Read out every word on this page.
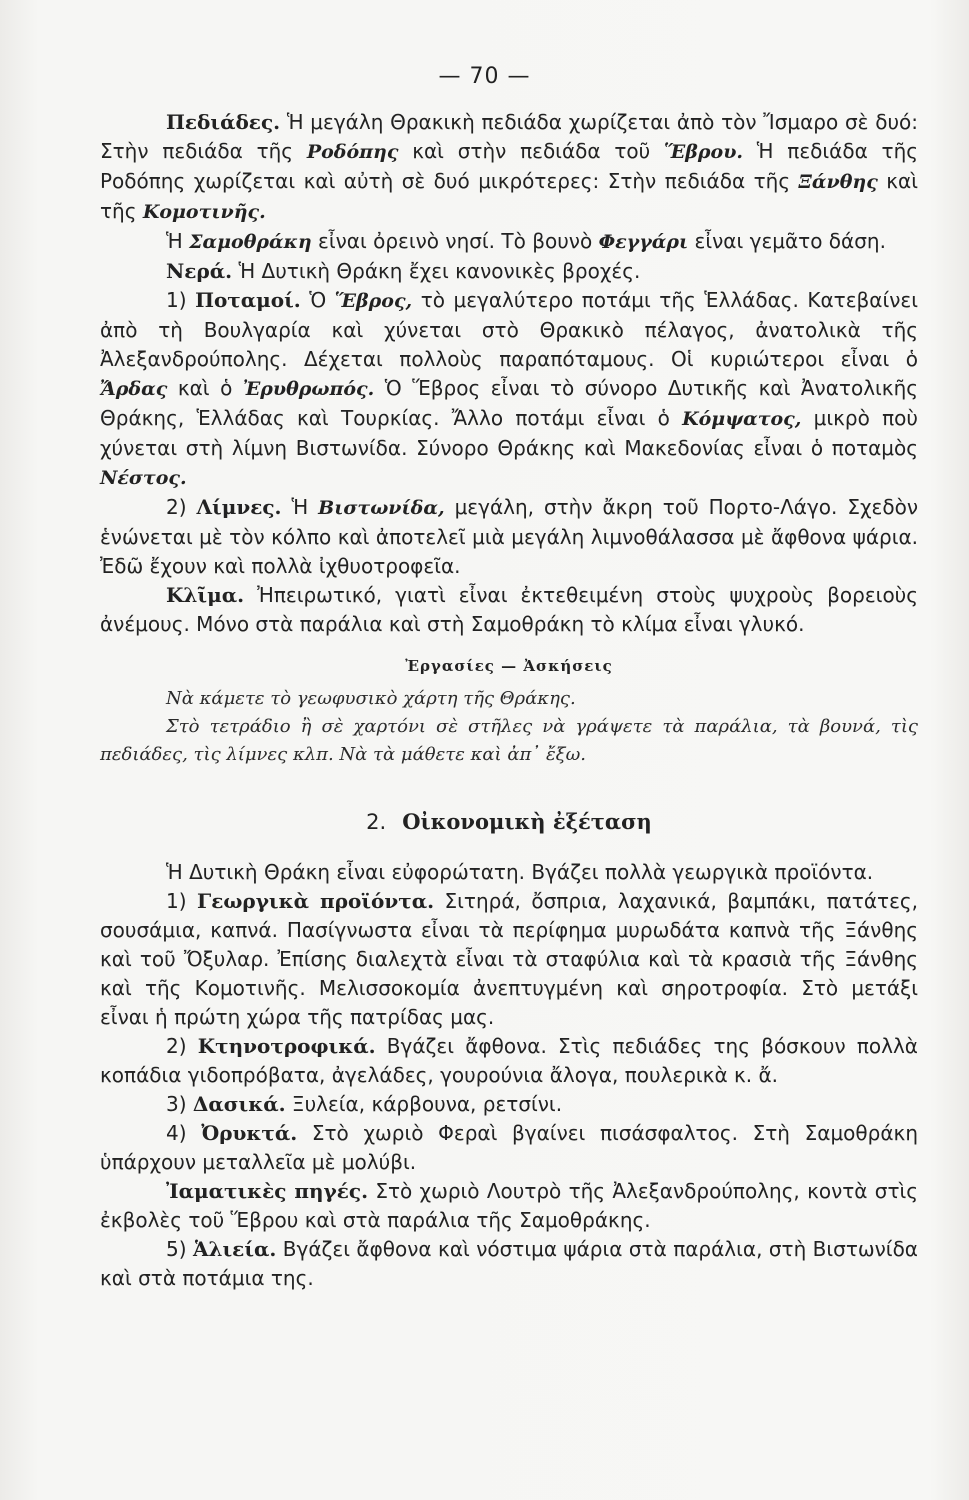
— 70 —

Πεδιάδες. Ἡ μεγάλη Θρακικὴ πεδιάδα χωρίζεται ἀπὸ τὸν Ἴσμαρο σὲ δυό: Στὴν πεδιάδα τῆς Ροδόπης καὶ στὴν πεδιάδα τοῦ Ἕβρου. Ἡ πεδιάδα τῆς Ροδόπης χωρίζεται καὶ αὐτὴ σὲ δυό μικρότερες: Στὴν πεδιάδα τῆς Ξάνθης καὶ τῆς Κομοτινῆς.

Ἡ Σαμοθράκη εἶναι ὀρεινὸ νησί. Τὸ βουνὸ Φεγγάρι εἶναι γεμᾶτο δάση.

Νερά. Ἡ Δυτικὴ Θράκη ἔχει κανονικὲς βροχές.

1) Ποταμοί. Ὁ Ἕβρος, τὸ μεγαλύτερο ποτάμι τῆς Ἑλλάδας. Κατεβαίνει ἀπὸ τὴ Βουλγαρία καὶ χύνεται στὸ Θρακικὸ πέλαγος, ἀνατολικὰ τῆς Ἀλεξανδρούπολης. Δέχεται πολλοὺς παραπόταμους. Οἱ κυριώτεροι εἶναι ὁ Ἄρδας καὶ ὁ Ἐρυθρωπός. Ὁ Ἕβρος εἶναι τὸ σύνορο Δυτικῆς καὶ Ἀνατολικῆς Θράκης, Ἑλλάδας καὶ Τουρκίας. Ἄλλο ποτάμι εἶναι ὁ Κόμψατος, μικρὸ ποὺ χύνεται στὴ λίμνη Βιστωνίδα. Σύνορο Θράκης καὶ Μακεδονίας εἶναι ὁ ποταμὸς Νέστος.

2) Λίμνες. Ἡ Βιστωνίδα, μεγάλη, στὴν ἄκρη τοῦ Πορτο-Λάγο. Σχεδὸν ἑνώνεται μὲ τὸν κόλπο καὶ ἀποτελεῖ μιὰ μεγάλη λιμνοθάλασσα μὲ ἄφθονα ψάρια. Ἐδῶ ἔχουν καὶ πολλὰ ἰχθυοτροφεῖα.

Κλῖμα. Ἠπειρωτικό, γιατὶ εἶναι ἐκτεθειμένη στοὺς ψυχροὺς βορειοὺς ἀνέμους. Μόνο στὰ παράλια καὶ στὴ Σαμοθράκη τὸ κλίμα εἶναι γλυκό.

Ἐργασίες — Ἀσκήσεις

Νὰ κάμετε τὸ γεωφυσικὸ χάρτη τῆς Θράκης.

Στὸ τετράδιο ἢ σὲ χαρτόνι σὲ στῆλες νὰ γράψετε τὰ παράλια, τὰ βουνά, τὶς πεδιάδες, τὶς λίμνες κλπ. Νὰ τὰ μάθετε καὶ ἀπ᾿ ἔξω.

2. Οἰκονομικὴ ἐξέταση

Ἡ Δυτικὴ Θράκη εἶναι εὐφορώτατη. Βγάζει πολλὰ γεωργικὰ προϊόντα.

1) Γεωργικὰ προϊόντα. Σιτηρά, ὄσπρια, λαχανικά, βαμπάκι, πατάτες, σουσάμια, καπνά. Πασίγνωστα εἶναι τὰ περίφημα μυρωδάτα καπνὰ τῆς Ξάνθης καὶ τοῦ Ὄξυλαρ. Ἐπίσης διαλεχτὰ εἶναι τὰ σταφύλια καὶ τὰ κρασιὰ τῆς Ξάνθης καὶ τῆς Κομοτινῆς. Μελισσοκομία ἀνεπτυγμένη καὶ σηροτροφία. Στὸ μετάξι εἶναι ἡ πρώτη χώρα τῆς πατρίδας μας.

2) Κτηνοτροφικά. Βγάζει ἄφθονα. Στὶς πεδιάδες της βόσκουν πολλὰ κοπάδια γιδοπρόβατα, ἀγελάδες, γουρούνια ἄλογα, πουλερικὰ κ. ἄ.

3) Δασικά. Ξυλεία, κάρβουνα, ρετσίνι.

4) Ὀρυκτά. Στὸ χωριὸ Φεραὶ βγαίνει πισάσφαλτος. Στὴ Σαμοθράκη ὑπάρχουν μεταλλεῖα μὲ μολύβι.

Ἰαματικὲς πηγές. Στὸ χωριὸ Λουτρὸ τῆς Ἀλεξανδρούπολης, κοντὰ στὶς ἐκβολὲς τοῦ Ἕβρου καὶ στὰ παράλια τῆς Σαμοθράκης.

5) Ἁλιεία. Βγάζει ἄφθονα καὶ νόστιμα ψάρια στὰ παράλια, στὴ Βιστωνίδα καὶ στὰ ποτάμια της.
